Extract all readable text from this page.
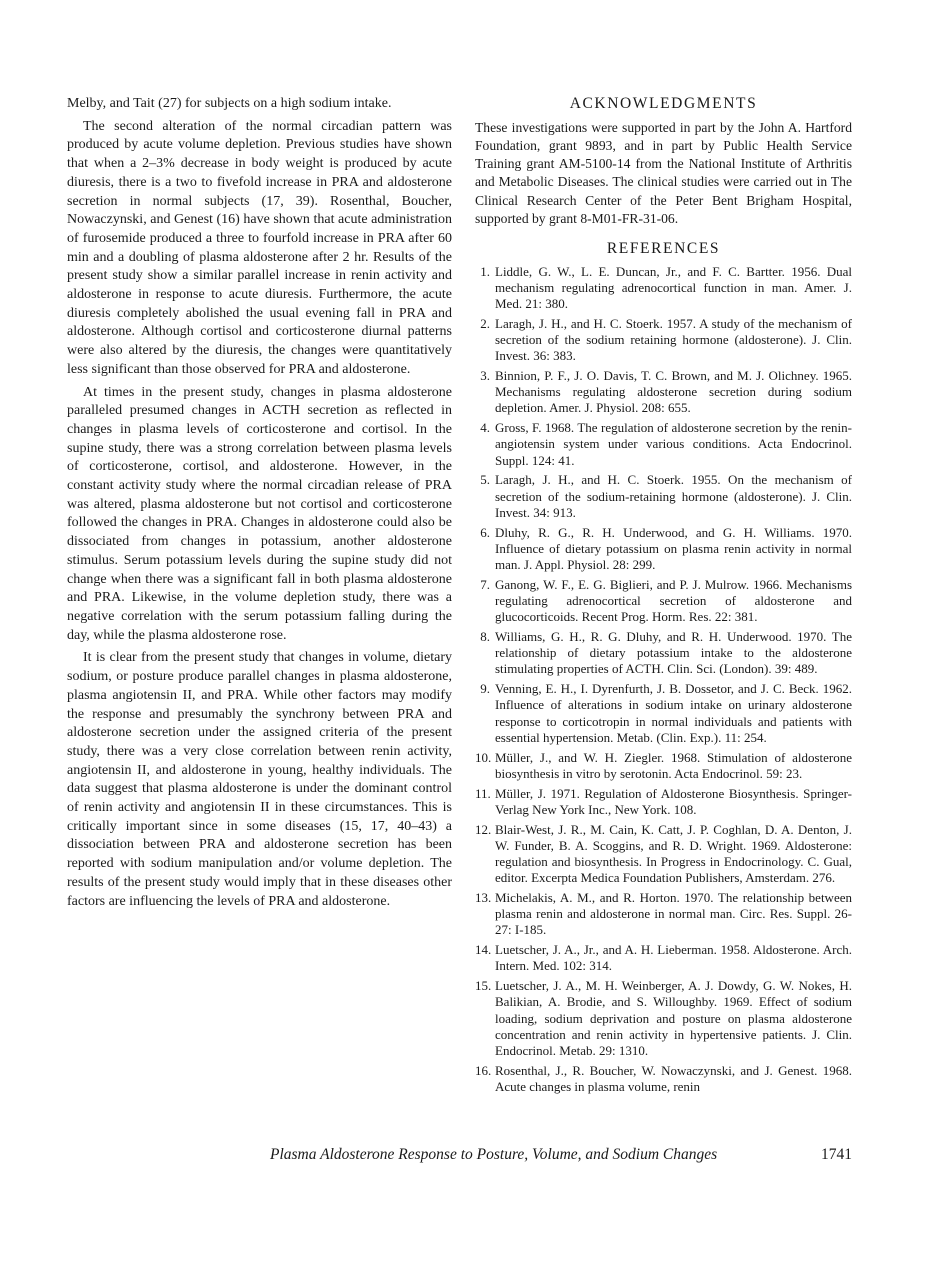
Melby, and Tait (27) for subjects on a high sodium intake.

The second alteration of the normal circadian pattern was produced by acute volume depletion. Previous studies have shown that when a 2–3% decrease in body weight is produced by acute diuresis, there is a two to fivefold increase in PRA and aldosterone secretion in normal subjects (17, 39). Rosenthal, Boucher, Nowaczynski, and Genest (16) have shown that acute administration of furosemide produced a three to fourfold increase in PRA after 60 min and a doubling of plasma aldosterone after 2 hr. Results of the present study show a similar parallel increase in renin activity and aldosterone in response to acute diuresis. Furthermore, the acute diuresis completely abolished the usual evening fall in PRA and aldosterone. Although cortisol and corticosterone diurnal patterns were also altered by the diuresis, the changes were quantitatively less significant than those observed for PRA and aldosterone.

At times in the present study, changes in plasma aldosterone paralleled presumed changes in ACTH secretion as reflected in changes in plasma levels of corticosterone and cortisol. In the supine study, there was a strong correlation between plasma levels of corticosterone, cortisol, and aldosterone. However, in the constant activity study where the normal circadian release of PRA was altered, plasma aldosterone but not cortisol and corticosterone followed the changes in PRA. Changes in aldosterone could also be dissociated from changes in potassium, another aldosterone stimulus. Serum potassium levels during the supine study did not change when there was a significant fall in both plasma aldosterone and PRA. Likewise, in the volume depletion study, there was a negative correlation with the serum potassium falling during the day, while the plasma aldosterone rose.

It is clear from the present study that changes in volume, dietary sodium, or posture produce parallel changes in plasma aldosterone, plasma angiotensin II, and PRA. While other factors may modify the response and presumably the synchrony between PRA and aldosterone secretion under the assigned criteria of the present study, there was a very close correlation between renin activity, angiotensin II, and aldosterone in young, healthy individuals. The data suggest that plasma aldosterone is under the dominant control of renin activity and angiotensin II in these circumstances. This is critically important since in some diseases (15, 17, 40–43) a dissociation between PRA and aldosterone secretion has been reported with sodium manipulation and/or volume depletion. The results of the present study would imply that in these diseases other factors are influencing the levels of PRA and aldosterone.

ACKNOWLEDGMENTS

These investigations were supported in part by the John A. Hartford Foundation, grant 9893, and in part by Public Health Service Training grant AM-5100-14 from the National Institute of Arthritis and Metabolic Diseases. The clinical studies were carried out in The Clinical Research Center of the Peter Bent Brigham Hospital, supported by grant 8-M01-FR-31-06.

REFERENCES
1. Liddle, G. W., L. E. Duncan, Jr., and F. C. Bartter. 1956. Dual mechanism regulating adrenocortical function in man. Amer. J. Med. 21: 380.
2. Laragh, J. H., and H. C. Stoerk. 1957. A study of the mechanism of secretion of the sodium retaining hormone (aldosterone). J. Clin. Invest. 36: 383.
3. Binnion, P. F., J. O. Davis, T. C. Brown, and M. J. Olichney. 1965. Mechanisms regulating aldosterone secretion during sodium depletion. Amer. J. Physiol. 208: 655.
4. Gross, F. 1968. The regulation of aldosterone secretion by the renin-angiotensin system under various conditions. Acta Endocrinol. Suppl. 124: 41.
5. Laragh, J. H., and H. C. Stoerk. 1955. On the mechanism of secretion of the sodium-retaining hormone (aldosterone). J. Clin. Invest. 34: 913.
6. Dluhy, R. G., R. H. Underwood, and G. H. Williams. 1970. Influence of dietary potassium on plasma renin activity in normal man. J. Appl. Physiol. 28: 299.
7. Ganong, W. F., E. G. Biglieri, and P. J. Mulrow. 1966. Mechanisms regulating adrenocortical secretion of aldosterone and glucocorticoids. Recent Prog. Horm. Res. 22: 381.
8. Williams, G. H., R. G. Dluhy, and R. H. Underwood. 1970. The relationship of dietary potassium intake to the aldosterone stimulating properties of ACTH. Clin. Sci. (London). 39: 489.
9. Venning, E. H., I. Dyrenfurth, J. B. Dossetor, and J. C. Beck. 1962. Influence of alterations in sodium intake on urinary aldosterone response to corticotropin in normal individuals and patients with essential hypertension. Metab. (Clin. Exp.). 11: 254.
10. Müller, J., and W. H. Ziegler. 1968. Stimulation of aldosterone biosynthesis in vitro by serotonin. Acta Endocrinol. 59: 23.
11. Müller, J. 1971. Regulation of Aldosterone Biosynthesis. Springer-Verlag New York Inc., New York. 108.
12. Blair-West, J. R., M. Cain, K. Catt, J. P. Coghlan, D. A. Denton, J. W. Funder, B. A. Scoggins, and R. D. Wright. 1969. Aldosterone: regulation and biosynthesis. In Progress in Endocrinology. C. Gual, editor. Excerpta Medica Foundation Publishers, Amsterdam. 276.
13. Michelakis, A. M., and R. Horton. 1970. The relationship between plasma renin and aldosterone in normal man. Circ. Res. Suppl. 26-27: I-185.
14. Luetscher, J. A., Jr., and A. H. Lieberman. 1958. Aldosterone. Arch. Intern. Med. 102: 314.
15. Luetscher, J. A., M. H. Weinberger, A. J. Dowdy, G. W. Nokes, H. Balikian, A. Brodie, and S. Willoughby. 1969. Effect of sodium loading, sodium deprivation and posture on plasma aldosterone concentration and renin activity in hypertensive patients. J. Clin. Endocrinol. Metab. 29: 1310.
16. Rosenthal, J., R. Boucher, W. Nowaczynski, and J. Genest. 1968. Acute changes in plasma volume, renin
Plasma Aldosterone Response to Posture, Volume, and Sodium Changes	1741
